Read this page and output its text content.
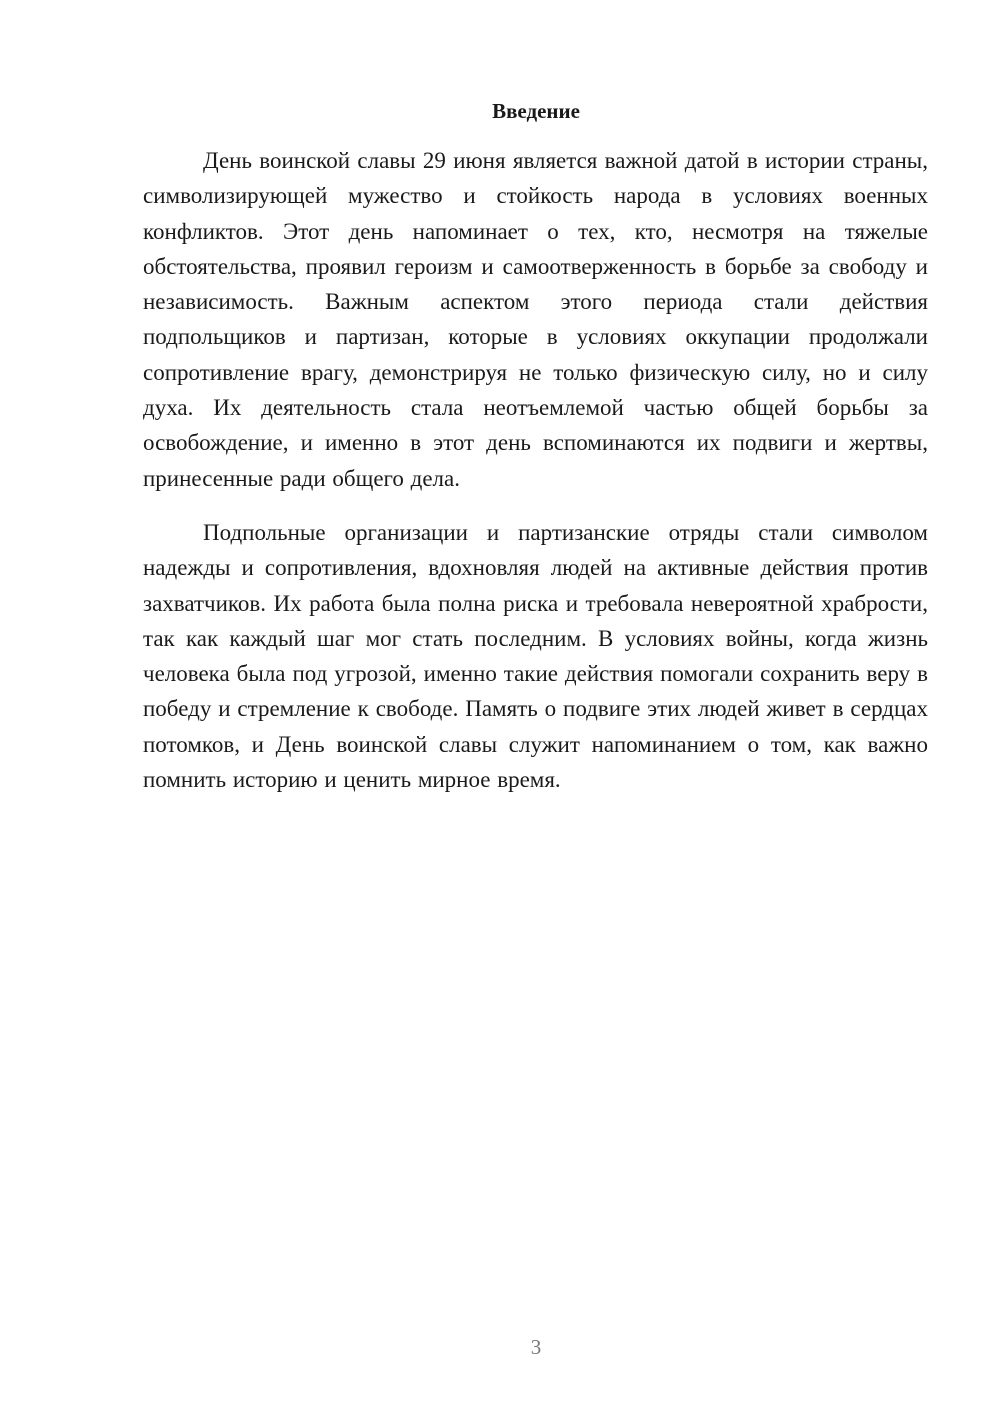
Введение

День воинской славы 29 июня является важной датой в истории страны, символизирующей мужество и стойкость народа в условиях военных конфликтов. Этот день напоминает о тех, кто, несмотря на тяжелые обстоятельства, проявил героизм и самоотверженность в борьбе за свободу и независимость. Важным аспектом этого периода стали действия подпольщиков и партизан, которые в условиях оккупации продолжали сопротивление врагу, демонстрируя не только физическую силу, но и силу духа. Их деятельность стала неотъемлемой частью общей борьбы за освобождение, и именно в этот день вспоминаются их подвиги и жертвы, принесенные ради общего дела.

Подпольные организации и партизанские отряды стали символом надежды и сопротивления, вдохновляя людей на активные действия против захватчиков. Их работа была полна риска и требовала невероятной храбрости, так как каждый шаг мог стать последним. В условиях войны, когда жизнь человека была под угрозой, именно такие действия помогали сохранить веру в победу и стремление к свободе. Память о подвиге этих людей живет в сердцах потомков, и День воинской славы служит напоминанием о том, как важно помнить историю и ценить мирное время.

3
